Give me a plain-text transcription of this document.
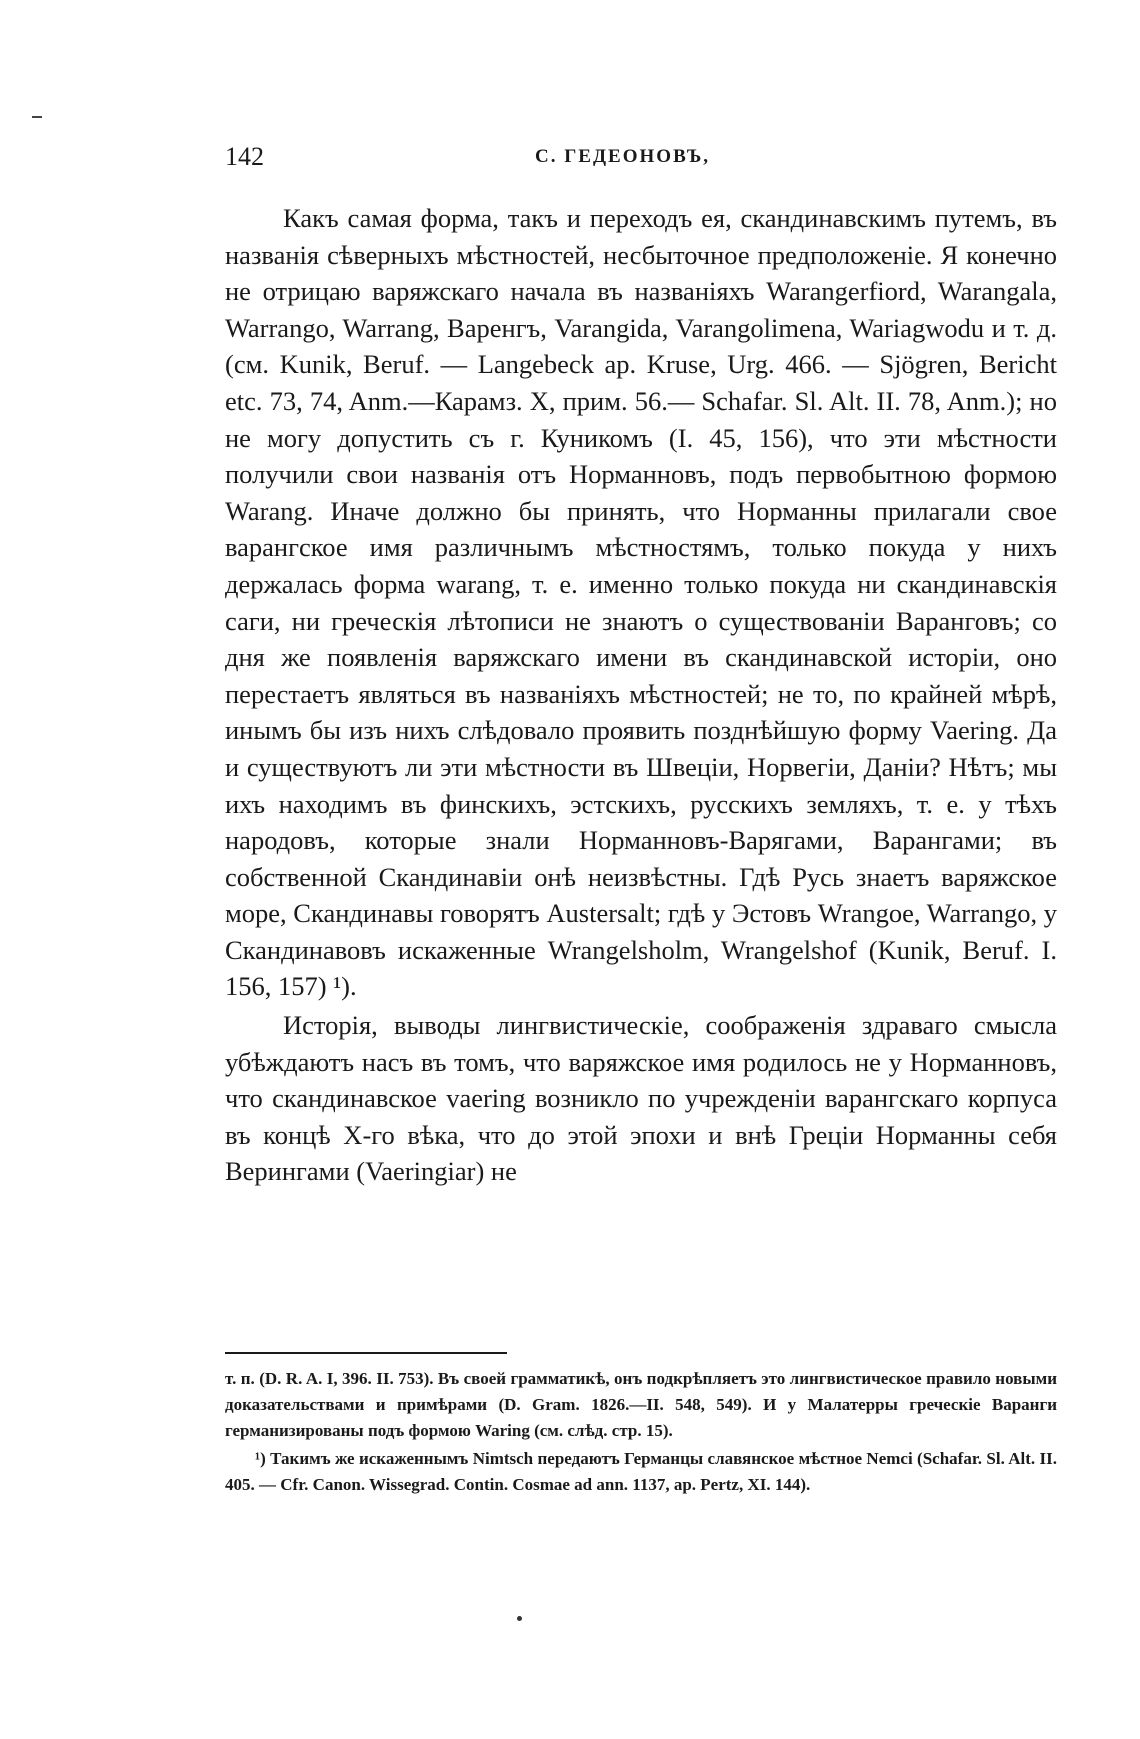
142	С. ГЕДЕОНОВЪ,

Какъ самая форма, такъ и переходъ ея, скандинавскимъ путемъ, въ названія сѣверныхъ мѣстностей, несбыточное предположеніе. Я конечно не отрицаю варяжскаго начала въ названіяхъ Warangerfiord, Warangala, Warrango, Warrang, Варенгъ, Varangida, Varangolimena, Wariagwodu и т. д. (см. Kunik, Beruf. — Langebeck ap. Kruse, Urg. 466. — Sjögren, Bericht etc. 73, 74, Anm.—Карамз. X, прим. 56.— Schafar. Sl. Alt. II. 78, Anm.); но не могу допустить съ г. Куникомъ (I. 45, 156), что эти мѣстности получили свои названія отъ Норманновъ, подъ первобытною формою Warang. Иначе должно бы принять, что Норманны прилагали свое варангское имя различнымъ мѣстностямъ, только покуда у нихъ держалась форма warang, т. е. именно только покуда ни скандинавскія саги, ни греческія лѣтописи не знаютъ о существованіи Варанговъ; со дня же появленія варяжскаго имени въ скандинавской исторіи, оно перестаетъ являться въ названіяхъ мѣстностей; не то, по крайней мѣрѣ, инымъ бы изъ нихъ слѣдовало проявить позднѣйшую форму Vaering. Да и существуютъ ли эти мѣстности въ Швеціи, Норвегіи, Даніи? Нѣтъ; мы ихъ находимъ въ финскихъ, эстскихъ, русскихъ земляхъ, т. е. у тѣхъ народовъ, которые знали Норманновъ-Варягами, Варангами; въ собственной Скандинавіи онѣ неизвѣстны. Гдѣ Русь знаетъ варяжское море, Скандинавы говорятъ Austersalt; гдѣ у Эстовъ Wrangoe, Warrango, у Скандинавовъ искаженные Wrangelsholm, Wrangelshof (Kunik, Beruf. I. 156, 157) ¹).

Исторія, выводы лингвистическіе, соображенія здраваго смысла убѣждаютъ насъ въ томъ, что варяжское имя родилось не у Норманновъ, что скандинавское vaering возникло по учрежденіи варангскаго корпуса въ концѣ X-го вѣка, что до этой эпохи и внѣ Греціи Норманны себя Верингами (Vaeringiar) не

т. п. (D. R. A. I, 396. II. 753). Въ своей грамматикѣ, онъ подкрѣпляетъ это лингвистическое правило новыми доказательствами и примѣрами (D. Gram. 1826.—II. 548, 549). И у Малатерры греческіе Варанги германизированы подъ формою Waring (см. слѣд. стр. 15).

¹) Такимъ же искаженнымъ Nimtsch передаютъ Германцы славянское мѣстное Nemci (Schafar. Sl. Alt. II. 405. — Cfr. Canon. Wissegrad. Contin. Cosmae ad ann. 1137, ap. Pertz, XI. 144).
